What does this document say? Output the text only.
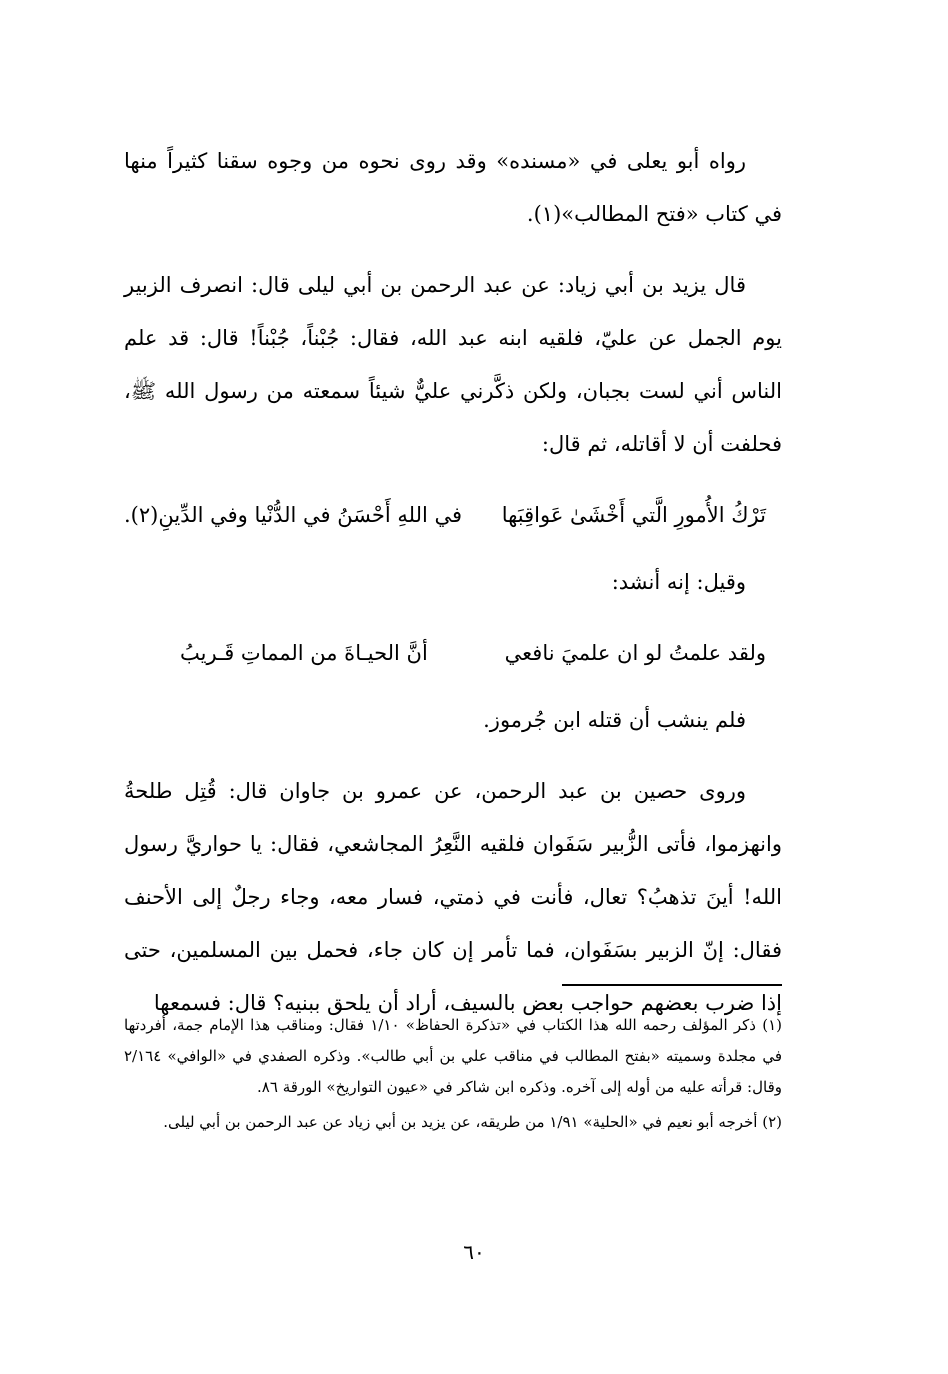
رواه أبو يعلى في «مسنده» وقد روى نحوه من وجوه سقنا كثيراً منها في كتاب «فتح المطالب»(١).

قال يزيد بن أبي زياد: عن عبد الرحمن بن أبي ليلى قال: انصرف الزبير يوم الجمل عن عليّ، فلقيه ابنه عبد الله، فقال: جُبْناً، جُبْناً! قال: قد علم الناس أني لست بجبان، ولكن ذكَّرني عليٌّ شيئاً سمعته من رسول الله ﷺ، فحلفت أن لا أقاتله، ثم قال:

تَرْكُ الأُمورِ الَّتي أَخْشَىٰ عَواقِبَها
في اللهِ أَحْسَنُ في الدُّنْيا وفي الدِّينِ(٢).

وقيل: إنه أنشد:

ولقد علمتُ لو ان علميَ نافعي
أنَّ الحيـاةَ من المماتِ قَـريبُ

فلم ينشب أن قتله ابن جُرموز.

وروى حصين بن عبد الرحمن، عن عمرو بن جاوان قال: قُتِل طلحةُ وانهزموا، فأتى الزُّبير سَفَوان فلقيه النَّعِرُ المجاشعي، فقال: يا حواريَّ رسول الله! أينَ تذهبُ؟ تعال، فأنت في ذمتي، فسار معه، وجاء رجلٌ إلى الأحنف فقال: إنّ الزبير بسَفَوان، فما تأمر إن كان جاء، فحمل بين المسلمين، حتى إذا ضرب بعضهم حواجب بعض بالسيف، أراد أن يلحق ببنيه؟ قال: فسمعها

(١) ذكر المؤلف رحمه الله هذا الكتاب في «تذكرة الحفاظ» ١/١٠ فقال: ومناقب هذا الإمام جمة، أفردتها في مجلدة وسميته «بفتح المطالب في مناقب علي بن أبي طالب». وذكره الصفدي في «الوافي» ٢/١٦٤ وقال: قرأته عليه من أوله إلى آخره. وذكره ابن شاكر في «عيون التواريخ» الورقة ٨٦.

(٢) أخرجه أبو نعيم في «الحلية» ١/٩١ من طريقه، عن يزيد بن أبي زياد عن عبد الرحمن بن أبي ليلى.

٦٠
